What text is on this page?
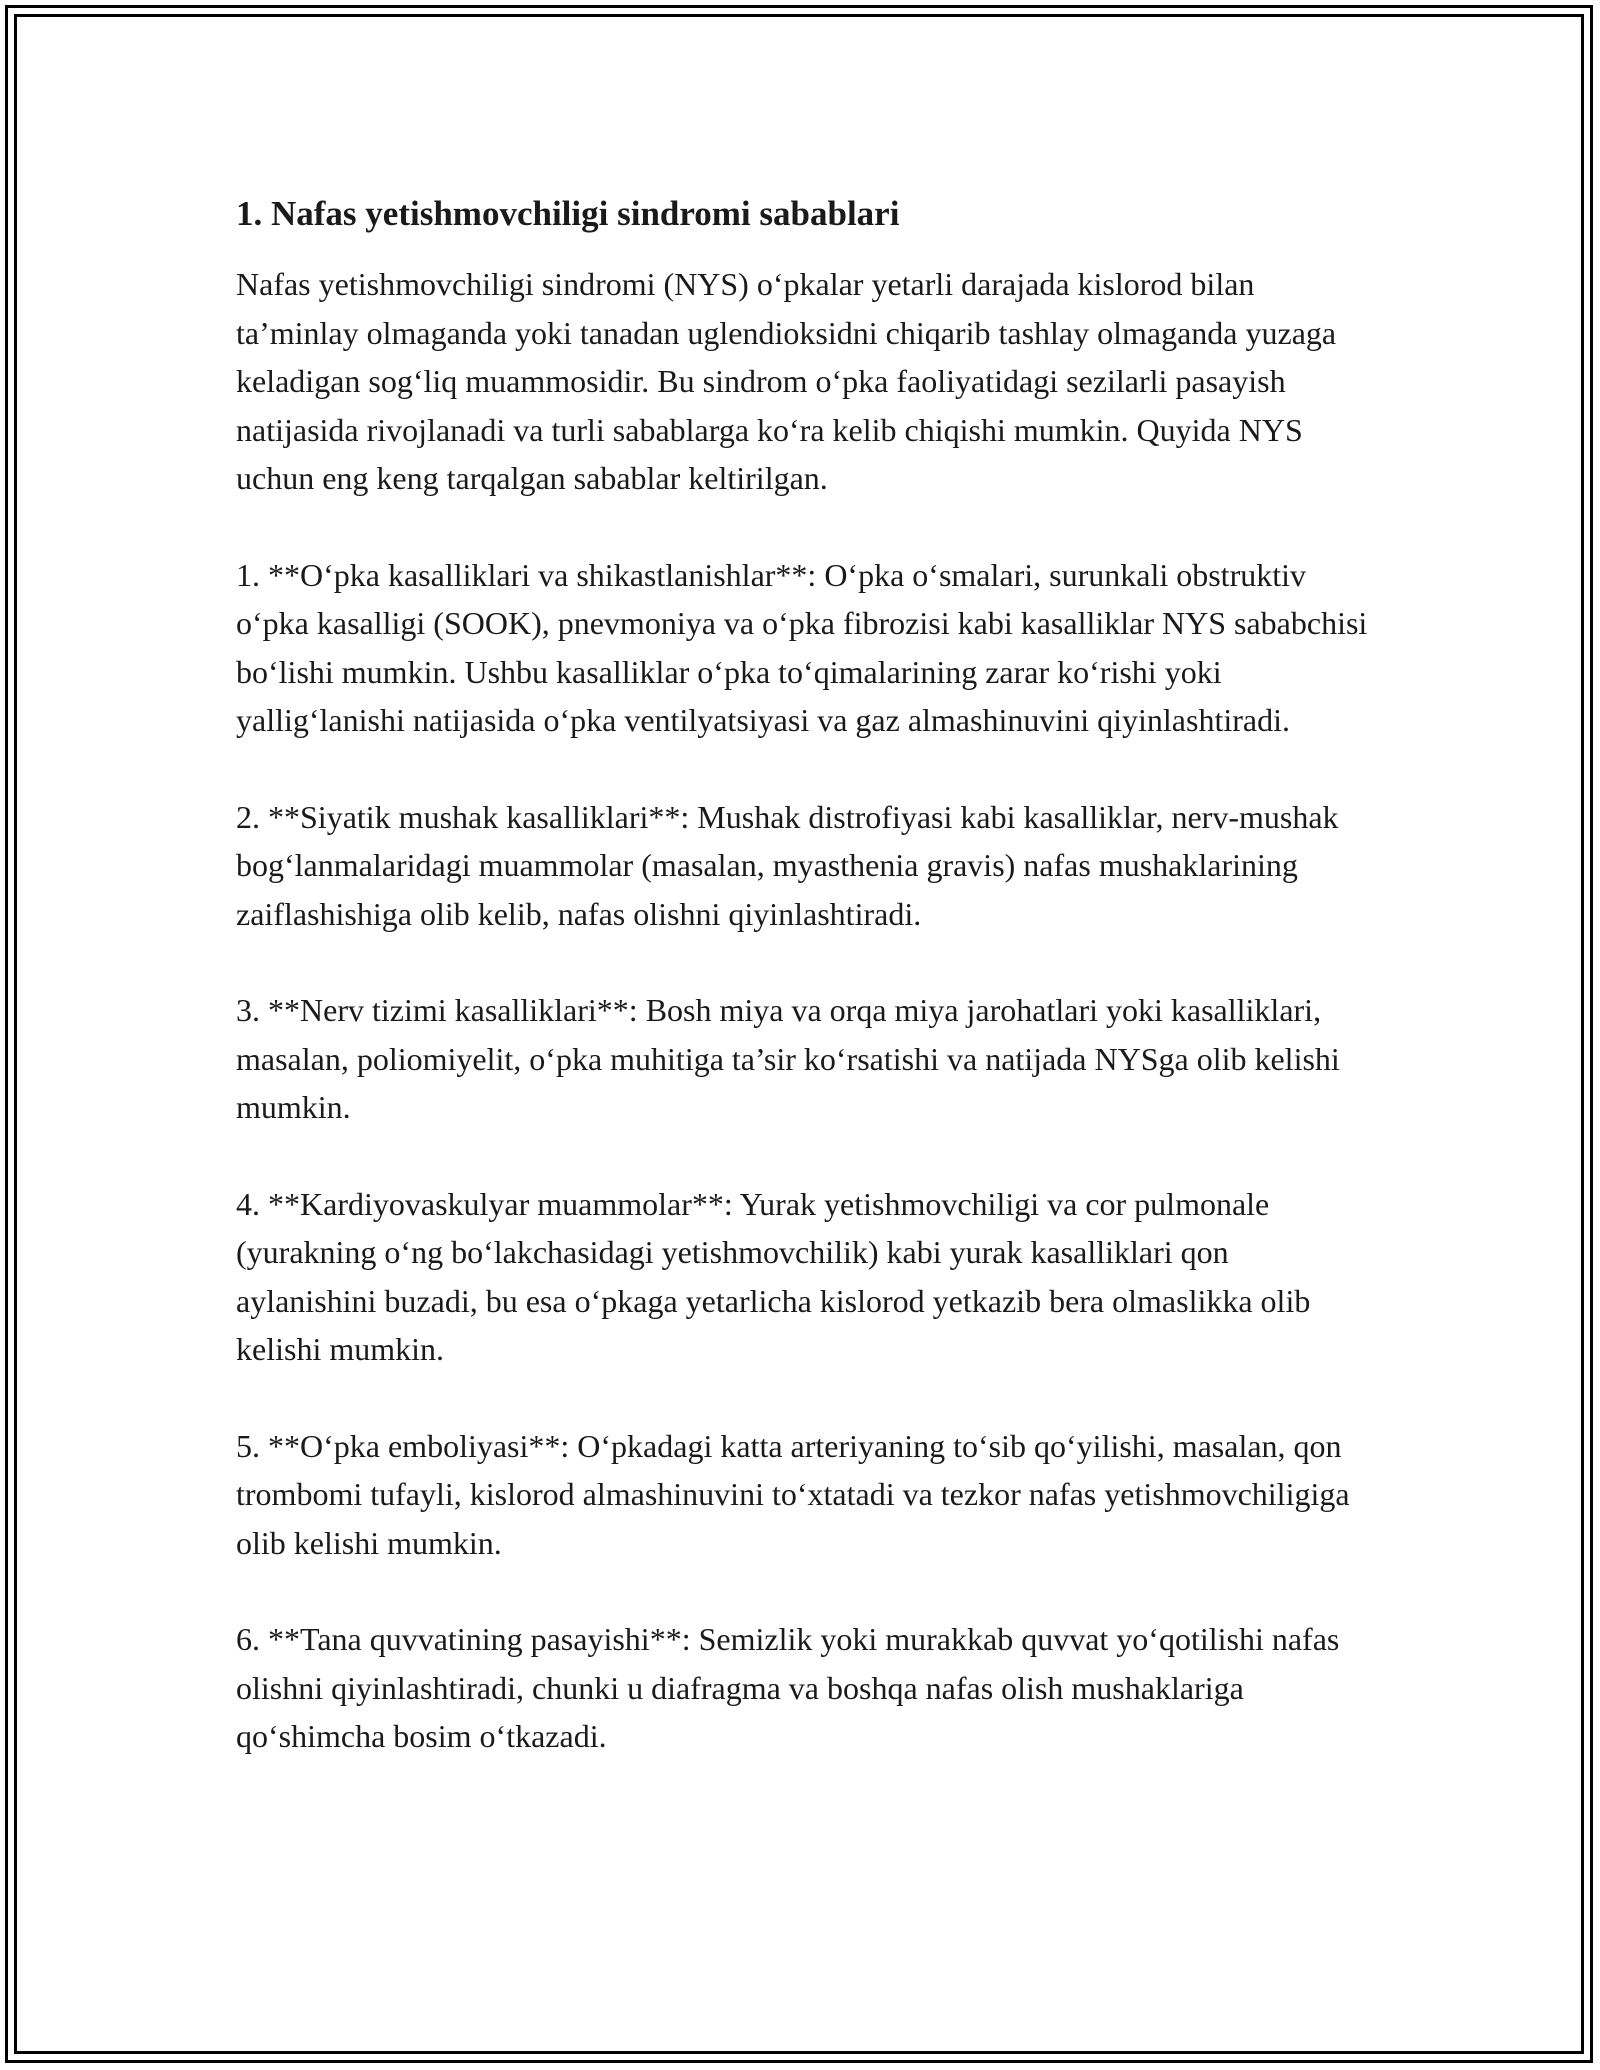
1. Nafas yetishmovchiligi sindromi sabablari

Nafas yetishmovchiligi sindromi (NYS) o‘pkalar yetarli darajada kislorod bilan ta’minlay olmaganda yoki tanadan uglendioksidni chiqarib tashlay olmaganda yuzaga keladigan sog‘liq muammosidir. Bu sindrom o‘pka faoliyatidagi sezilarli pasayish natijasida rivojlanadi va turli sabablarga ko‘ra kelib chiqishi mumkin. Quyida NYS uchun eng keng tarqalgan sabablar keltirilgan.

1. **O‘pka kasalliklari va shikastlanishlar**: O‘pka o‘smalari, surunkali obstruktiv o‘pka kasalligi (SOOK), pnevmoniya va o‘pka fibrozisi kabi kasalliklar NYS sababchisi bo‘lishi mumkin. Ushbu kasalliklar o‘pka to‘qimalarining zarar ko‘rishi yoki yallig‘lanishi natijasida o‘pka ventilyatsiyasi va gaz almashinuvini qiyinlashtiradi.

2. **Siyatik mushak kasalliklari**: Mushak distrofiyasi kabi kasalliklar, nerv-mushak bog‘lanmalaridagi muammolar (masalan, myasthenia gravis) nafas mushaklarining zaiflashishiga olib kelib, nafas olishni qiyinlashtiradi.

3. **Nerv tizimi kasalliklari**: Bosh miya va orqa miya jarohatlari yoki kasalliklari, masalan, poliomiyelit, o‘pka muhitiga ta’sir ko‘rsatishi va natijada NYSga olib kelishi mumkin.

4. **Kardiyovaskulyar muammolar**: Yurak yetishmovchiligi va cor pulmonale (yurakning o‘ng bo‘lakchasidagi yetishmovchilik) kabi yurak kasalliklari qon aylanishini buzadi, bu esa o‘pkaga yetarlicha kislorod yetkazib bera olmaslikka olib kelishi mumkin.

5. **O‘pka emboliyasi**: O‘pkadagi katta arteriyaning to‘sib qo‘yilishi, masalan, qon trombomi tufayli, kislorod almashinuvini to‘xtatadi va tezkor nafas yetishmovchiligiga olib kelishi mumkin.

6. **Tana quvvatining pasayishi**: Semizlik yoki murakkab quvvat yo‘qotilishi nafas olishni qiyinlashtiradi, chunki u diafragma va boshqa nafas olish mushaklariga qo‘shimcha bosim o‘tkazadi.
